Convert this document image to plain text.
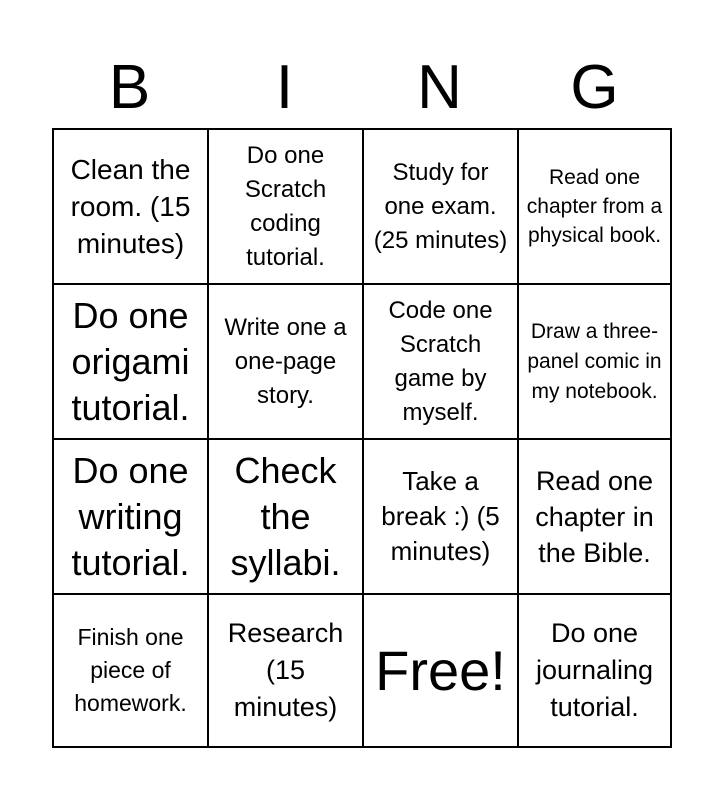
B	I	N	G
Clean the room. (15 minutes)
Do one Scratch coding tutorial.
Study for one exam. (25 minutes)
Read one chapter from a physical book.
Do one origami tutorial.
Write one a one-page story.
Code one Scratch game by myself.
Draw a three-panel comic in my notebook.
Do one writing tutorial.
Check the syllabi.
Take a break :) (5 minutes)
Read one chapter in the Bible.
Finish one piece of homework.
Research (15 minutes)
Free!
Do one journaling tutorial.
